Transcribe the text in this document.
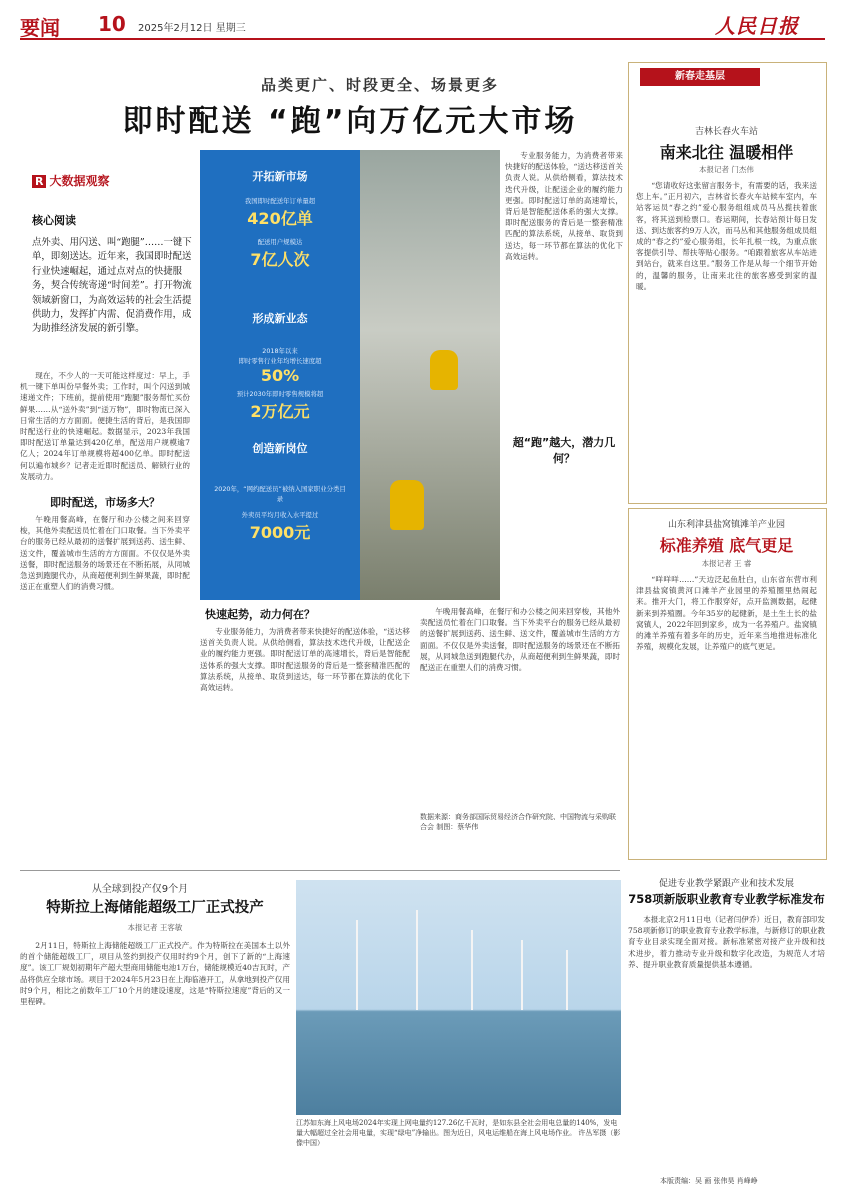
要闻 10 2025年2月12日 星期三	人民日报
品类更广、时段更全、场景更多
即时配送 “跑”向万亿元大市场
R 大数据观察
核心阅读
点外卖、用闪送、叫“跑腿”……一键下单，即刻送达。近年来，我国即时配送行业快速崛起，通过点对点的快捷服务，契合传统寄递“时间差”。打开物流领域新窗口，为高效运转的社会生活提供助力，发挥扩内需、促消费作用，成为助推经济发展的新引擎。
现在，不少人的一天可能这样度过：早上，手机一键下单叫份早餐外卖；工作时，叫个闪送到城速递文件；下班前，提前使用“跑腿”服务帮忙买份鲜果……从“送外卖”到“送万物”，即时物流已深入日常生活的方方面面。便捷生活的背后，是我国即时配送行业的快速崛起。数据显示，2023年我国即时配送订单量达到420亿单，配送用户规模逾7亿人；2024年订单规模将超400亿单。即时配送何以遍布城乡？记者走近即时配送员、解锁行业的发展动力。
即时配送，市场多大？
午晚用餐高峰，在餐厅和办公楼之间来回穿梭，其他外卖配送员忙着在门口取餐。当下外卖平台的服务已经从最初的送餐扩展到送药、送生鲜、送文件，覆盖城市生活的方方面面。不仅仅是外卖送餐，即时配送服务的场景还在不断拓展，从同城急送到跑腿代办，从商超便利到生鲜果蔬，即时配送正在重塑人们的消费习惯。
开拓新市场
我国即时配送年订单量超
420亿单
配送用户规模达
7亿人次
形成新业态
2018年以来
即时零售行业年均增长速度超
50%
预计2030年即时零售规模将超
2万亿元
创造新岗位
2020年，“网约配送员”被纳入国家职业分类目录
外卖员平均月收入水平提过
7000元
快速起势，动力何在？
专业服务能力，为消费者带来快捷好的配送体验，“送达移送首关负责人说。从供给侧看，算法技术迭代升级，让配送企业的履约能力更强。即时配送订单的高速增长，背后是智能配送体系的强大支撑。即时配送服务的背后是一整套精准匹配的算法系统，从接单、取货到送达，每一环节都在算法的优化下高效运转。
专业服务能力，为消费者带来快捷好的配送体验，“送达移送首关负责人说。从供给侧看，算法技术迭代升级，让配送企业的履约能力更强。即时配送订单的高速增长，背后是智能配送体系的强大支撑。即时配送服务的背后是一整套精准匹配的算法系统，从接单、取货到送达，每一环节都在算法的优化下高效运转。
超“跑”越大，潜力几何？
午晚用餐高峰，在餐厅和办公楼之间来回穿梭，其他外卖配送员忙着在门口取餐。当下外卖平台的服务已经从最初的送餐扩展到送药、送生鲜、送文件，覆盖城市生活的方方面面。不仅仅是外卖送餐，即时配送服务的场景还在不断拓展，从同城急送到跑腿代办，从商超便利到生鲜果蔬，即时配送正在重塑人们的消费习惯。
数据来源：商务部国际贸易经济合作研究院、中国物流与采购联合会 制图：蔡华伟
新春走基层
吉林长春火车站
南来北往 温暖相伴
本报记者 门杰伟
“您请收好这张留言服务卡，有需要的话，我来送您上车。”正月初六，吉林省长春火车站候车室内，车站客运员“春之约”爱心服务组组成员马丛揽扶着旅客，将其送到检票口。春运期间，长春站预计每日发送、到达旅客约9万人次，而马丛和其他服务组成员组成的“春之约”爱心服务组，长年扎根一线，为重点旅客提供引导、帮扶等贴心服务。“咱跟着旅客从车站进到站台，就来自这里。”服务工作是从每一个细节开始的，温馨的服务，让南来北往的旅客感受到家的温暖。
山东利津县盐窝镇滩羊产业园
标准养殖 底气更足
本报记者 王 睿
“咩咩咩……”天边泛起鱼肚白，山东省东营市利津县盐窝镇黄河口滩羊产业园里的养殖圈里热闹起来。推开大门，将工作服穿好，点开监测数据，起健新来到养殖圈。今年35岁的起健新，是土生土长的盐窝镇人，2022年回到家乡，成为一名养殖户。盐窝镇的滩羊养殖有着多年的历史，近年来当地推进标准化养殖，规模化发展，让养殖户的底气更足。
从全球到投产仅9个月
特斯拉上海储能超级工厂正式投产
本报记者 王客敏
2月11日，特斯拉上海储能超级工厂正式投产。作为特斯拉在美国本土以外的首个储能超级工厂，项目从签约到投产仅用时约9个月，创下了新的“上海速度”。该工厂规划初期年产超大型商用储能电池1万台，储能规模近40吉瓦时，产品将供应全球市场。项目于2024年5月23日在上海临港开工，从拿地到投产仅用时9个月，相比之前数年工厂10个月的建设速度，这是“特斯拉速度”背后的又一里程碑。
江苏如东海上风电场2024年实现上网电量约127.26亿千瓦时，是如东县全社会用电总量的140%，发电量大幅超过全社会用电量，实现“绿电”净输出。图为近日，风电运维船在海上风电场作业。 许丛军摄（影像中国）
促进专业教学紧跟产业和技术发展
758项新版职业教育专业教学标准发布
本报北京2月11日电（记者闫伊乔）近日，教育部印发758项新修订的职业教育专业教学标准，与新修订的职业教育专业目录实现全面对接。新标准紧密对接产业升级和技术进步，着力推动专业升级和数字化改造，为规范人才培养、提升职业教育质量提供基本遵循。
本版责编：吴 画 张伟昊 肖峰峥
